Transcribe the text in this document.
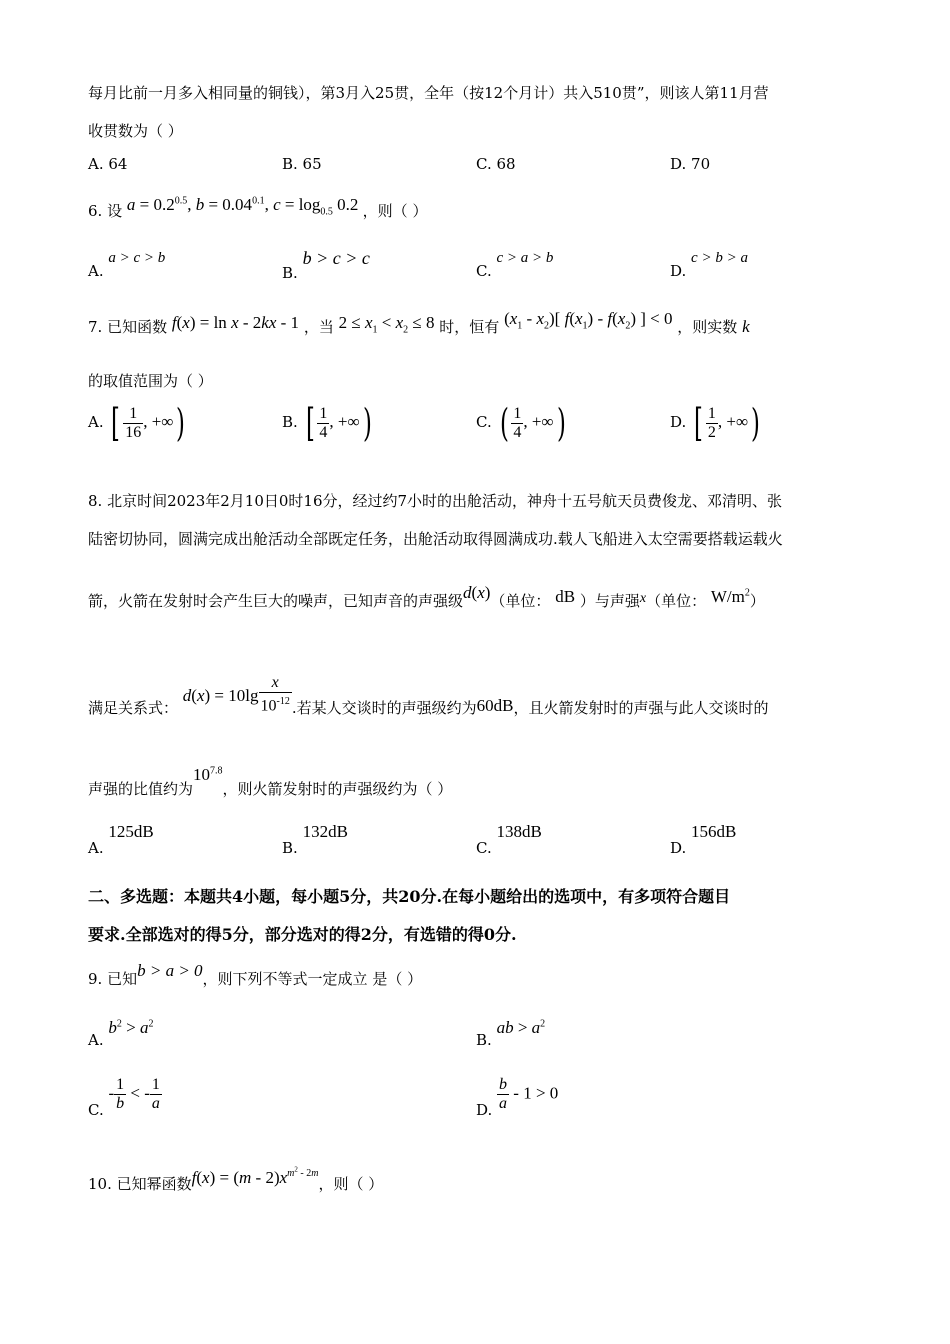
每月比前一月多入相同量的铜钱），第3月入25贯，全年（按12个月计）共入510贯”，则该人第11月营
收贯数为（ ）
A. 64	B. 65	C. 68	D. 70
6. 设 $a = 0.2^{0.5}$, $b = 0.04^{0.1}$, $c = \log_{0.5} 0.2$ ，则（ ）
A. a > c > b
B. b > c > c
C. c > a > b
D. c > b > a
7. 已知函数 f(x) = ln x - 2kx - 1 ，当 $2 \le x_1 < x_2 \le 8$ 时，恒有 $(x_1 - x_2)$[ $f(x_1) - f(x_2)$ ] < 0 ，则实数 k
的取值范围为（ ）
A. [ $\frac{1}{16}$ , +∞)	B. [ $\frac{1}{4}$ , +∞)	C. ( $\frac{1}{4}$ , +∞)	D. [ $\frac{1}{2}$ , +∞)
8. 北京时间2023年2月10日0时16分，经过约7小时的出舱活动，神舟十五号航天员费俊龙、邓清明、张
陆密切协同，圆满完成出舱活动全部既定任务，出舱活动取得圆满成功.载人飞船进入太空需要搭载运载火
箭，火箭在发射时会产生巨大的噪声，已知声音的声强级d(x)（单位： dB ）与声强x（单位： $W/m^2$）
满足关系式： $d(x) = 10\lg \frac{x}{10^{-12}}$ .若某人交谈时的声强级约为60dB，且火箭发射时的声强与此人交谈时的
声强的比值约为$10^{7.8}$，则火箭发射时的声强级约为（ ）
A. 125dB
B. 132dB
C. 138dB
D. 156dB
二、多选题：本题共4小题，每小题5分，共20分.在每小题给出的选项中，有多项符合题目
要求.全部选对的得5分，部分选对的得2分，有选错的得0分.
9. 已知b > a > 0，则下列不等式一定成立 是（ ）
A. $b^2 > a^2$
B. ab > $a^2$
C. - $\frac{1}{b}$ < - $\frac{1}{a}$	D. $\frac{b}{a} - 1 > 0$
10. 已知幂函数$f(x) = (m - 2)x^{m^2 - 2m}$，则（ ）
